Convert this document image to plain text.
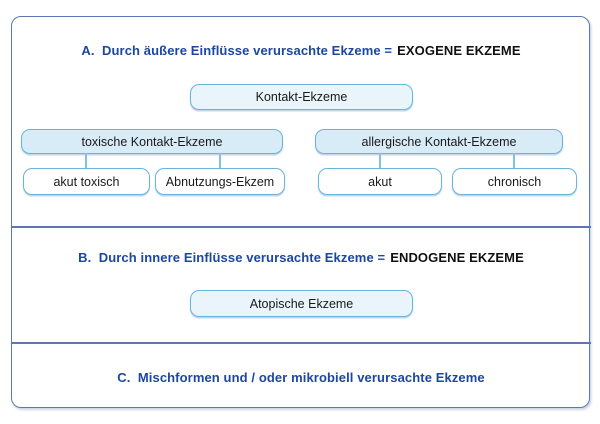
A.  Durch äußere Einflüsse verursachte Ekzeme = EXOGENE EKZEME
Kontakt-Ekzeme
toxische Kontakt-Ekzeme	allergische Kontakt-Ekzeme
akut toxisch	Abnutzungs-Ekzem	akut	chronisch
B.  Durch innere Einflüsse verursachte Ekzeme = ENDOGENE EKZEME
Atopische Ekzeme
C.  Mischformen und / oder mikrobiell verursachte Ekzeme
